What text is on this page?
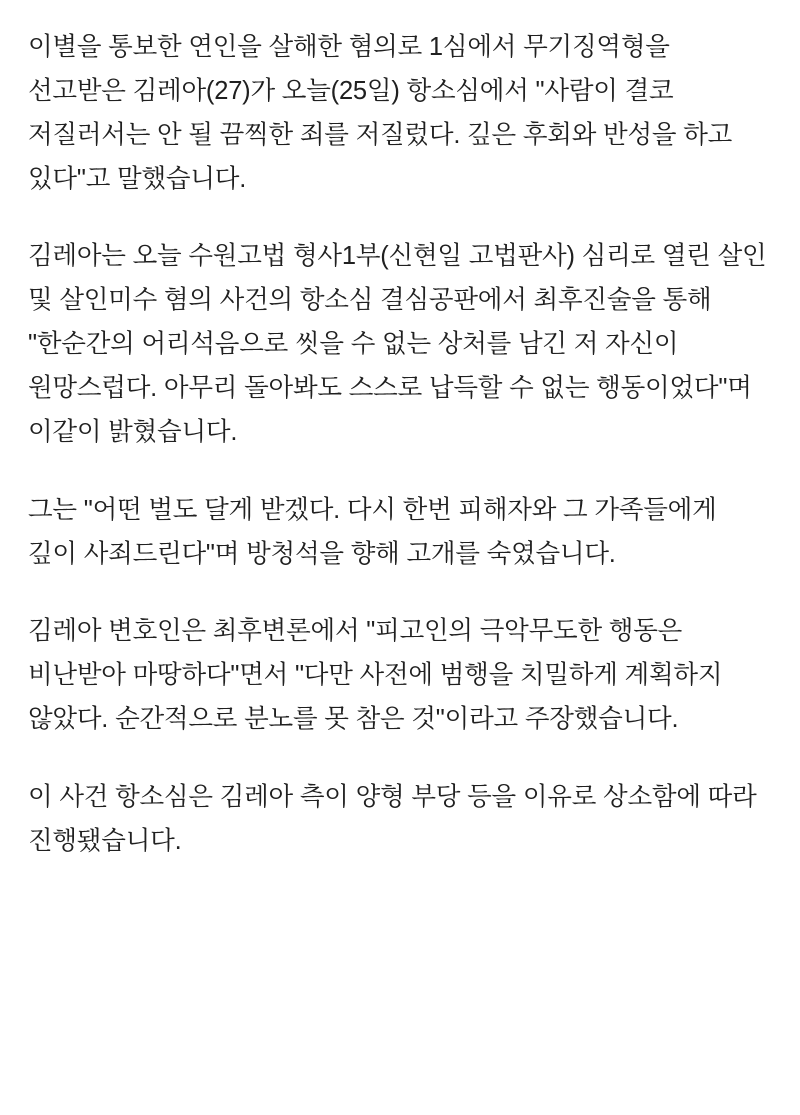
이별을 통보한 연인을 살해한 혐의로 1심에서 무기징역형을 선고받은 김레아(27)가 오늘(25일) 항소심에서 "사람이 결코 저질러서는 안 될 끔찍한 죄를 저질렀다. 깊은 후회와 반성을 하고 있다"고 말했습니다.

김레아는 오늘 수원고법 형사1부(신현일 고법판사) 심리로 열린 살인 및 살인미수 혐의 사건의 항소심 결심공판에서 최후진술을 통해 "한순간의 어리석음으로 씻을 수 없는 상처를 남긴 저 자신이 원망스럽다. 아무리 돌아봐도 스스로 납득할 수 없는 행동이었다"며 이같이 밝혔습니다.

그는 "어떤 벌도 달게 받겠다. 다시 한번 피해자와 그 가족들에게 깊이 사죄드린다"며 방청석을 향해 고개를 숙였습니다.

김레아 변호인은 최후변론에서 "피고인의 극악무도한 행동은 비난받아 마땅하다"면서 "다만 사전에 범행을 치밀하게 계획하지 않았다. 순간적으로 분노를 못 참은 것"이라고 주장했습니다.

이 사건 항소심은 김레아 측이 양형 부당 등을 이유로 상소함에 따라 진행됐습니다.
